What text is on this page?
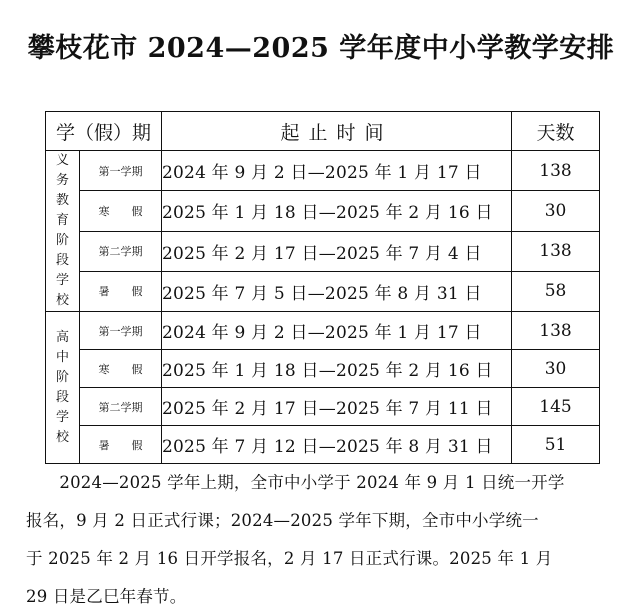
攀枝花市 2024—2025 学年度中小学教学安排
学（假）期		起止时间	天数
义务教育阶段学校	第一学期	2024 年 9 月 2 日—2025 年 1 月 17 日	138
	寒　　假	2025 年 1 月 18 日—2025 年 2 月 16 日	30
	第二学期	2025 年 2 月 17 日—2025 年 7 月 4 日	138
	暑　　假	2025 年 7 月 5 日—2025 年 8 月 31 日	58
高中阶段学校	第一学期	2024 年 9 月 2 日—2025 年 1 月 17 日	138
	寒　　假	2025 年 1 月 18 日—2025 年 2 月 16 日	30
	第二学期	2025 年 2 月 17 日—2025 年 7 月 11 日	145
	暑　　假	2025 年 7 月 12 日—2025 年 8 月 31 日	51
　　2024—2025 学年上期，全市中小学于 2024 年 9 月 1 日统一开学
报名，9 月 2 日正式行课；2024—2025 学年下期，全市中小学统一
于 2025 年 2 月 16 日开学报名，2 月 17 日正式行课。2025 年 1 月
29 日是乙巳年春节。
